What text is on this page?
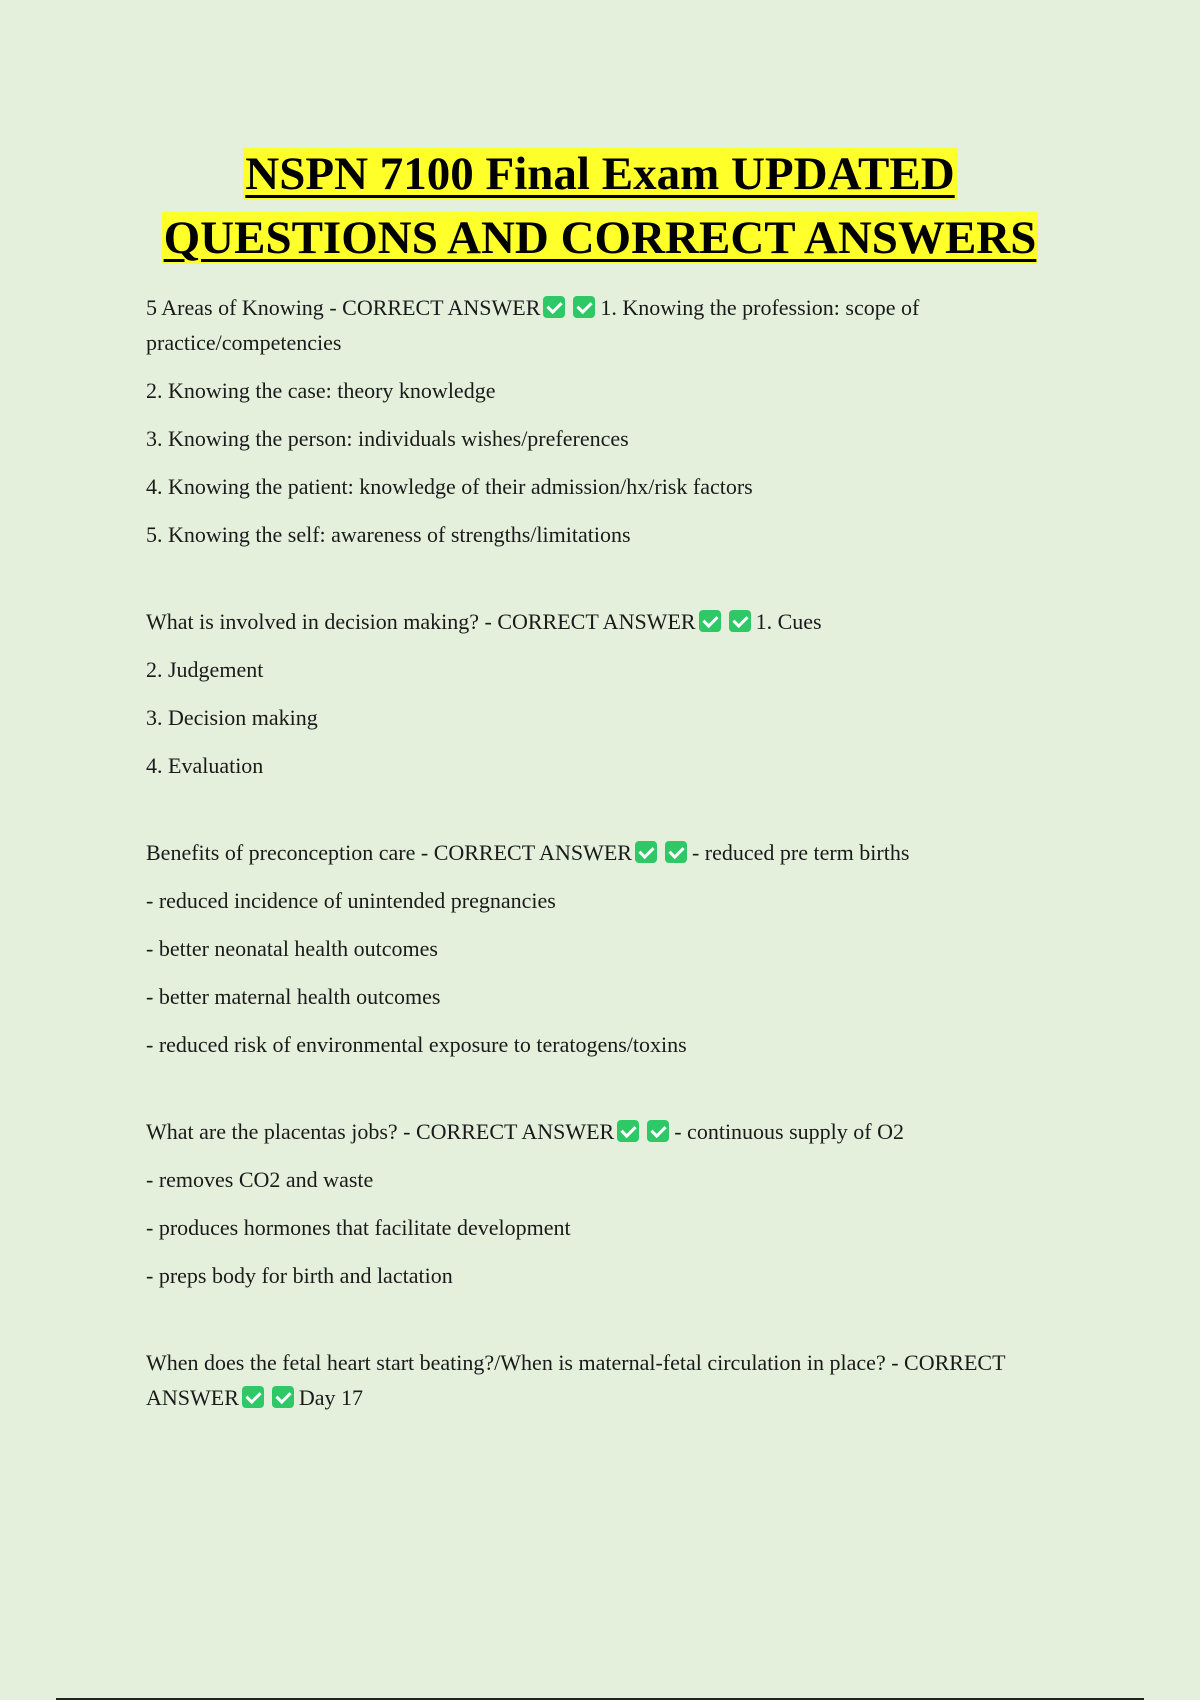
NSPN 7100 Final Exam UPDATED
QUESTIONS AND CORRECT ANSWERS

5 Areas of Knowing - CORRECT ANSWER	1. Knowing the profession: scope of practice/competencies

2. Knowing the case: theory knowledge

3. Knowing the person: individuals wishes/preferences

4. Knowing the patient: knowledge of their admission/hx/risk factors

5. Knowing the self: awareness of strengths/limitations

What is involved in decision making? - CORRECT ANSWER	1. Cues

2. Judgement

3. Decision making

4. Evaluation

Benefits of preconception care - CORRECT ANSWER	- reduced pre term births

- reduced incidence of unintended pregnancies

- better neonatal health outcomes

- better maternal health outcomes

- reduced risk of environmental exposure to teratogens/toxins

What are the placentas jobs? - CORRECT ANSWER	- continuous supply of O2

- removes CO2 and waste

- produces hormones that facilitate development

- preps body for birth and lactation

When does the fetal heart start beating?/When is maternal-fetal circulation in place? - CORRECT ANSWER	Day 17
